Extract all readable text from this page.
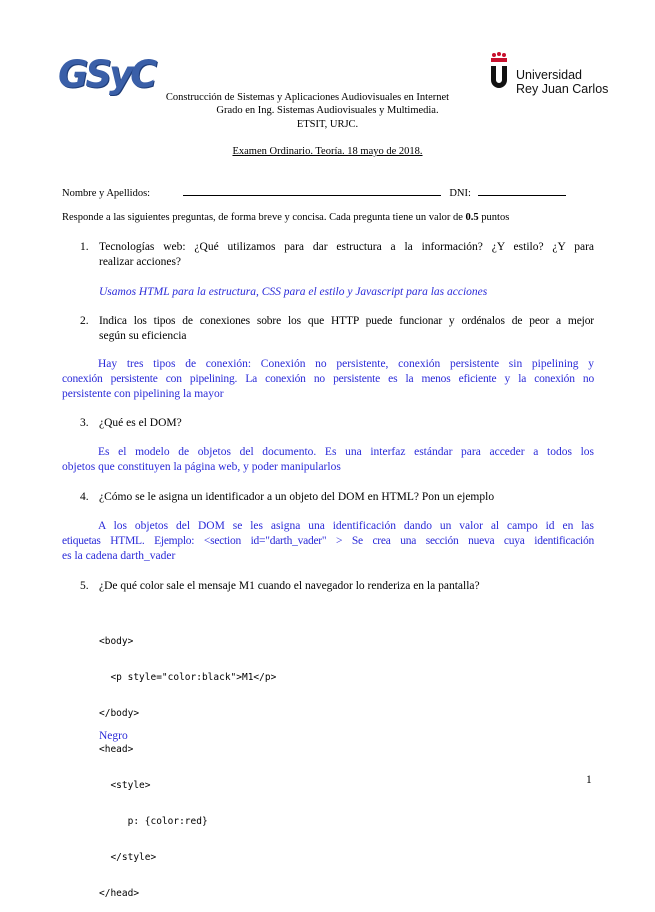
GSyC	Universidad
Rey Juan Carlos
Construcción de Sistemas y Aplicaciones Audiovisuales en Internet
Grado en Ing. Sistemas Audiovisuales y Multimedia.
ETSIT, URJC.
Examen Ordinario. Teoría. 18 mayo de 2018.
Nombre y Apellidos:	DNI:
Responde a las siguientes preguntas, de forma breve y concisa. Cada pregunta tiene un valor de 0.5 puntos
1. Tecnologías web: ¿Qué utilizamos para dar estructura a la información? ¿Y estilo? ¿Y para
realizar acciones?
Usamos HTML para la estructura, CSS para el estilo y Javascript para las acciones
2. Indica los tipos de conexiones sobre los que HTTP puede funcionar y ordénalos de peor a mejor
según su eficiencia
Hay tres tipos de conexión: Conexión no persistente, conexión persistente sin pipelining y
conexión persistente con pipelining. La conexión no persistente es la menos eficiente y la conexión no
persistente con pipelining la mayor
3. ¿Qué es el DOM?
Es el modelo de objetos del documento. Es una interfaz estándar para acceder a todos los
objetos que constituyen la página web, y poder manipularlos
4. ¿Cómo se le asigna un identificador a un objeto del DOM en HTML? Pon un ejemplo
A los objetos del DOM se les asigna una identificación dando un valor al campo id en las
etiquetas HTML. Ejemplo: <section id="darth_vader" > Se crea una sección nueva cuya identificación
es la cadena darth_vader
5. ¿De qué color sale el mensaje M1 cuando el navegador lo renderiza en la pantalla?

<body>

<p style="color:black">M1</p>

</body>

<head>

<style>

p: {color:red}

</style>

</head>

Negro
1
